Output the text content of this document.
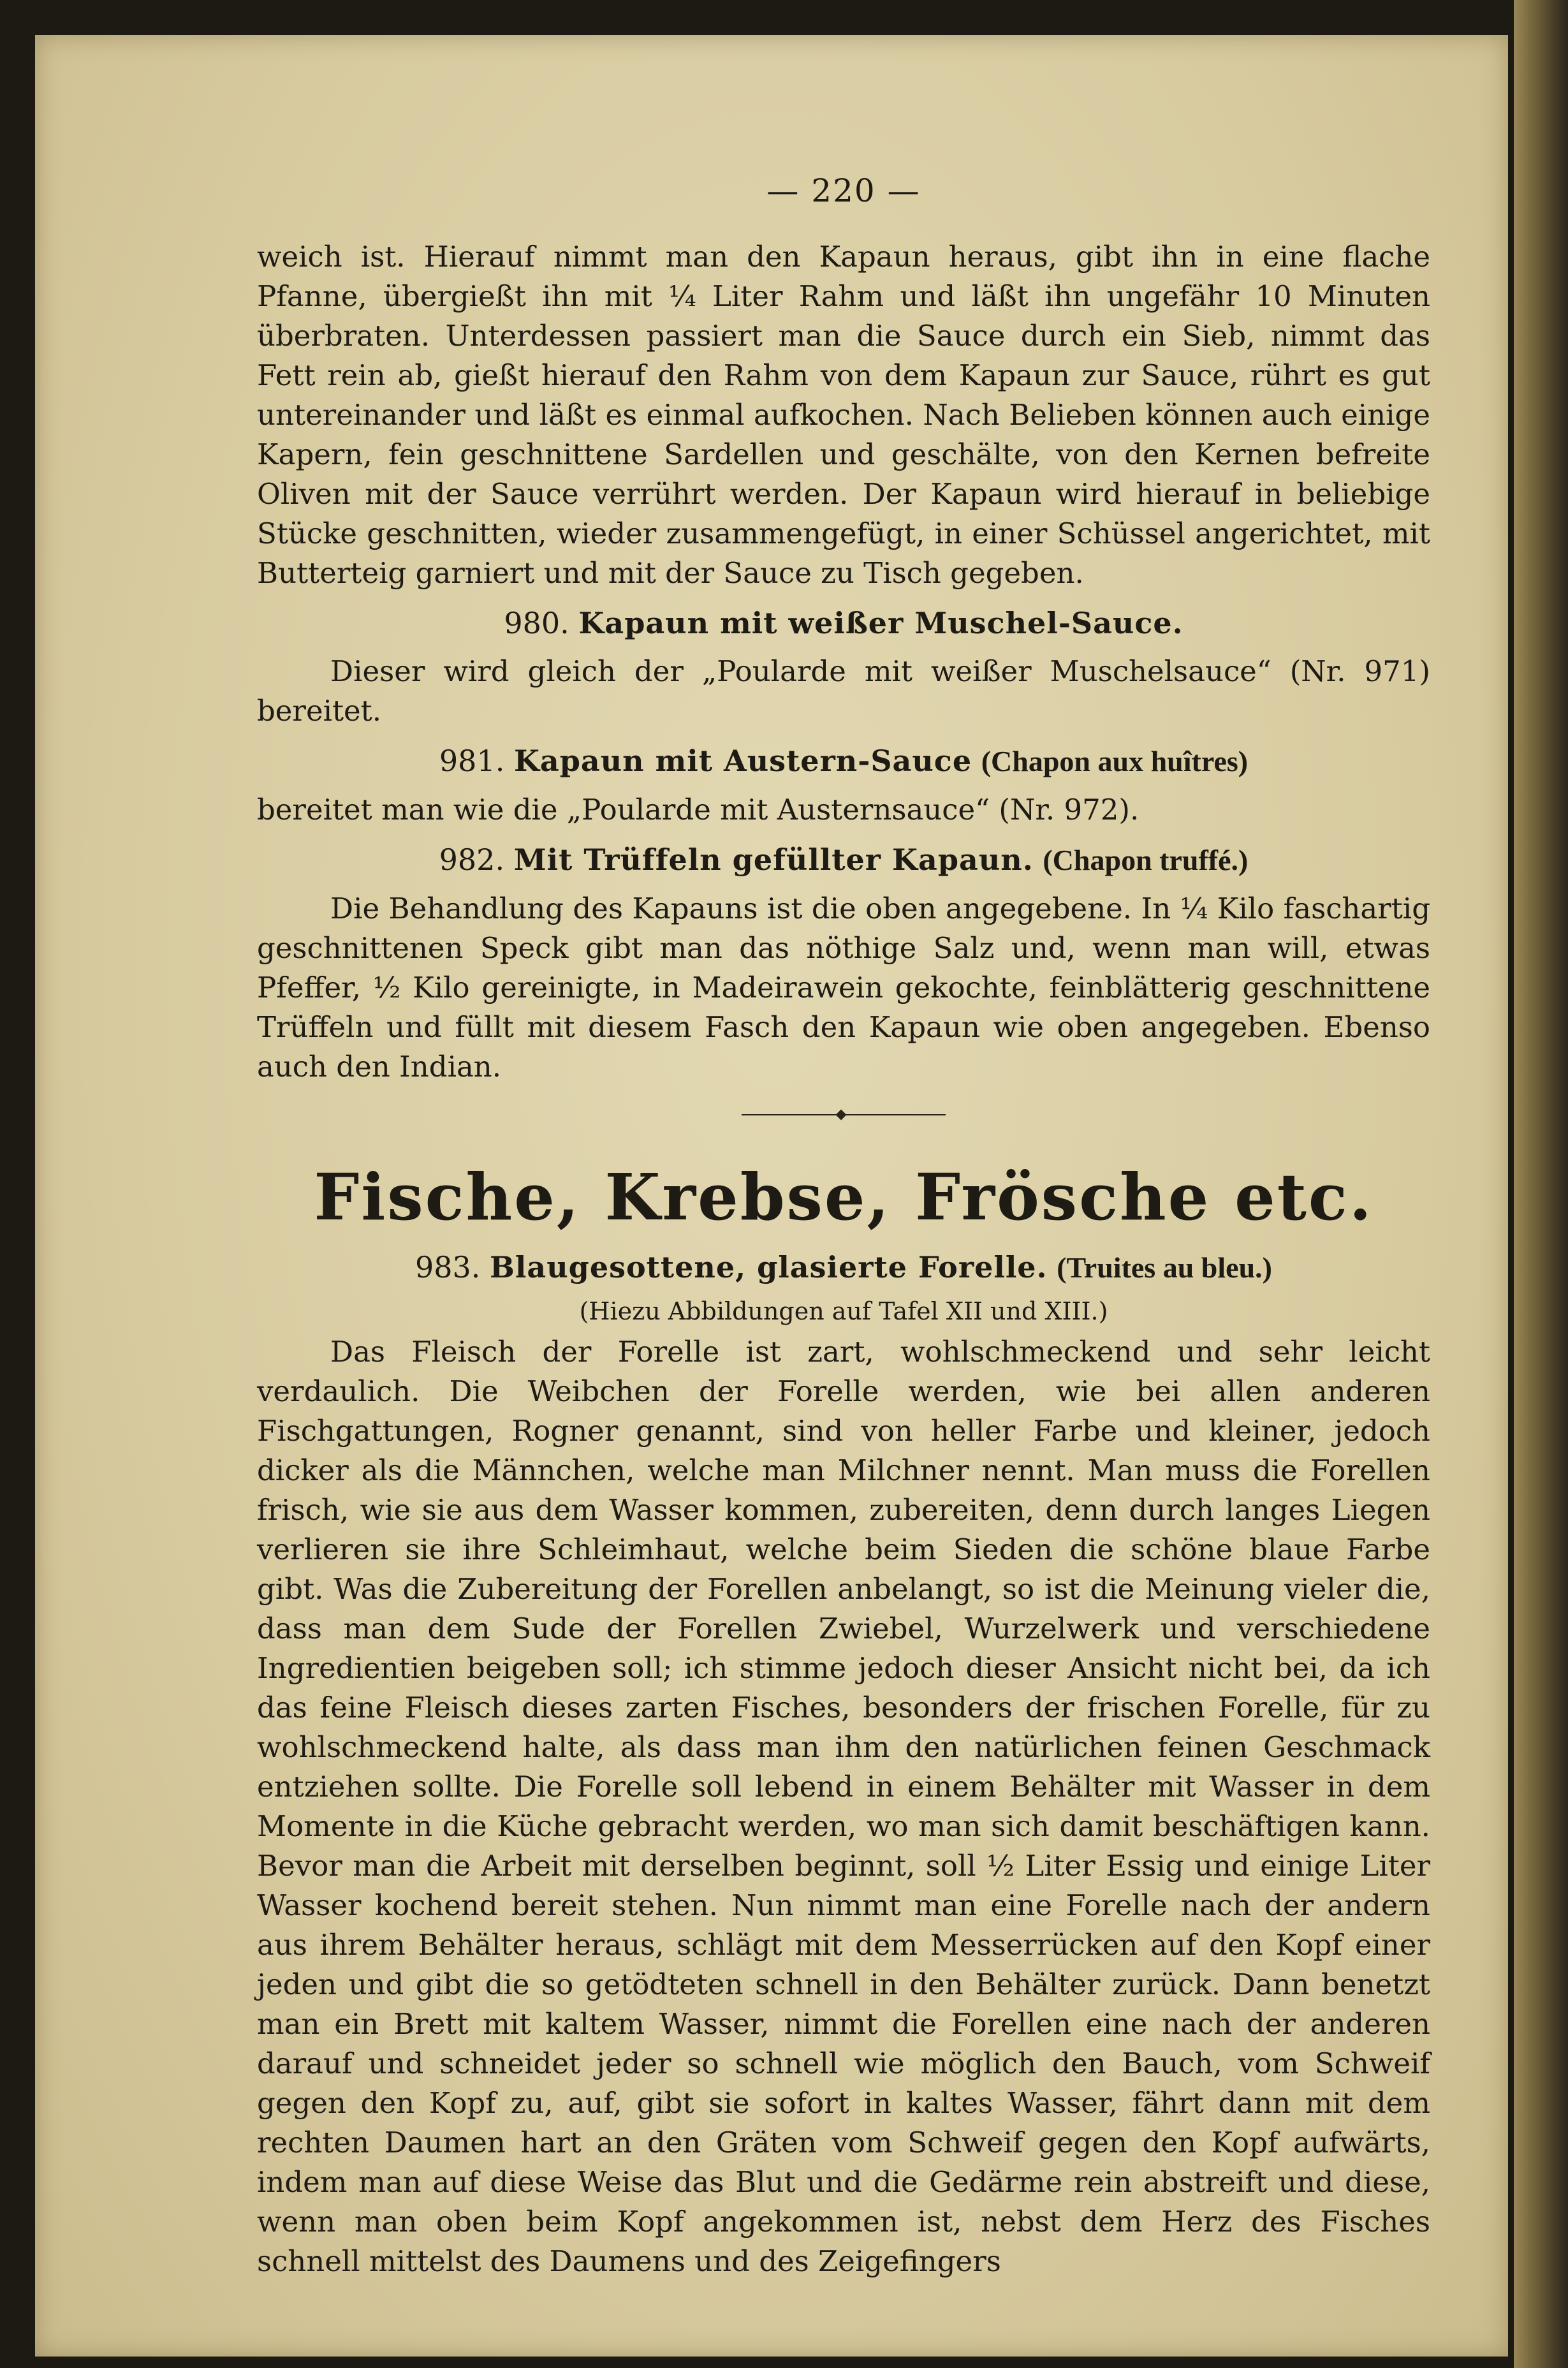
— 220 —

weich ist. Hierauf nimmt man den Kapaun heraus, gibt ihn in eine flache Pfanne, übergießt ihn mit ¼ Liter Rahm und läßt ihn ungefähr 10 Minuten überbraten. Unterdessen passiert man die Sauce durch ein Sieb, nimmt das Fett rein ab, gießt hierauf den Rahm von dem Kapaun zur Sauce, rührt es gut untereinander und läßt es einmal aufkochen. Nach Belieben können auch einige Kapern, fein geschnittene Sardellen und geschälte, von den Kernen befreite Oliven mit der Sauce verrührt werden. Der Kapaun wird hierauf in beliebige Stücke geschnitten, wieder zusammengefügt, in einer Schüssel angerichtet, mit Butterteig garniert und mit der Sauce zu Tisch gegeben.

980. Kapaun mit weißer Muschel-Sauce.

Dieser wird gleich der „Poularde mit weißer Muschelsauce“ (Nr. 971) bereitet.

981. Kapaun mit Austern-Sauce (Chapon aux huîtres)

bereitet man wie die „Poularde mit Austernsauce“ (Nr. 972).

982. Mit Trüffeln gefüllter Kapaun. (Chapon truffé.)

Die Behandlung des Kapauns ist die oben angegebene. In ¼ Kilo faschartig geschnittenen Speck gibt man das nöthige Salz und, wenn man will, etwas Pfeffer, ½ Kilo gereinigte, in Madeirawein gekochte, feinblätterig geschnittene Trüffeln und füllt mit diesem Fasch den Kapaun wie oben angegeben. Ebenso auch den Indian.

Fische, Krebse, Frösche etc.
983. Blaugesottene, glasierte Forelle. (Truites au bleu.)
(Hiezu Abbildungen auf Tafel XII und XIII.)

Das Fleisch der Forelle ist zart, wohlschmeckend und sehr leicht verdaulich. Die Weibchen der Forelle werden, wie bei allen anderen Fischgattungen, Rogner genannt, sind von heller Farbe und kleiner, jedoch dicker als die Männchen, welche man Milchner nennt. Man muss die Forellen frisch, wie sie aus dem Wasser kommen, zubereiten, denn durch langes Liegen verlieren sie ihre Schleimhaut, welche beim Sieden die schöne blaue Farbe gibt. Was die Zubereitung der Forellen anbelangt, so ist die Meinung vieler die, dass man dem Sude der Forellen Zwiebel, Wurzelwerk und verschiedene Ingredientien beigeben soll; ich stimme jedoch dieser Ansicht nicht bei, da ich das feine Fleisch dieses zarten Fisches, besonders der frischen Forelle, für zu wohlschmeckend halte, als dass man ihm den natürlichen feinen Geschmack entziehen sollte. Die Forelle soll lebend in einem Behälter mit Wasser in dem Momente in die Küche gebracht werden, wo man sich damit beschäftigen kann. Bevor man die Arbeit mit derselben beginnt, soll ½ Liter Essig und einige Liter Wasser kochend bereit stehen. Nun nimmt man eine Forelle nach der andern aus ihrem Behälter heraus, schlägt mit dem Messerrücken auf den Kopf einer jeden und gibt die so getödteten schnell in den Behälter zurück. Dann benetzt man ein Brett mit kaltem Wasser, nimmt die Forellen eine nach der anderen darauf und schneidet jeder so schnell wie möglich den Bauch, vom Schweif gegen den Kopf zu, auf, gibt sie sofort in kaltes Wasser, fährt dann mit dem rechten Daumen hart an den Gräten vom Schweif gegen den Kopf aufwärts, indem man auf diese Weise das Blut und die Gedärme rein abstreift und diese, wenn man oben beim Kopf angekommen ist, nebst dem Herz des Fisches schnell mittelst des Daumens und des Zeigefingers
